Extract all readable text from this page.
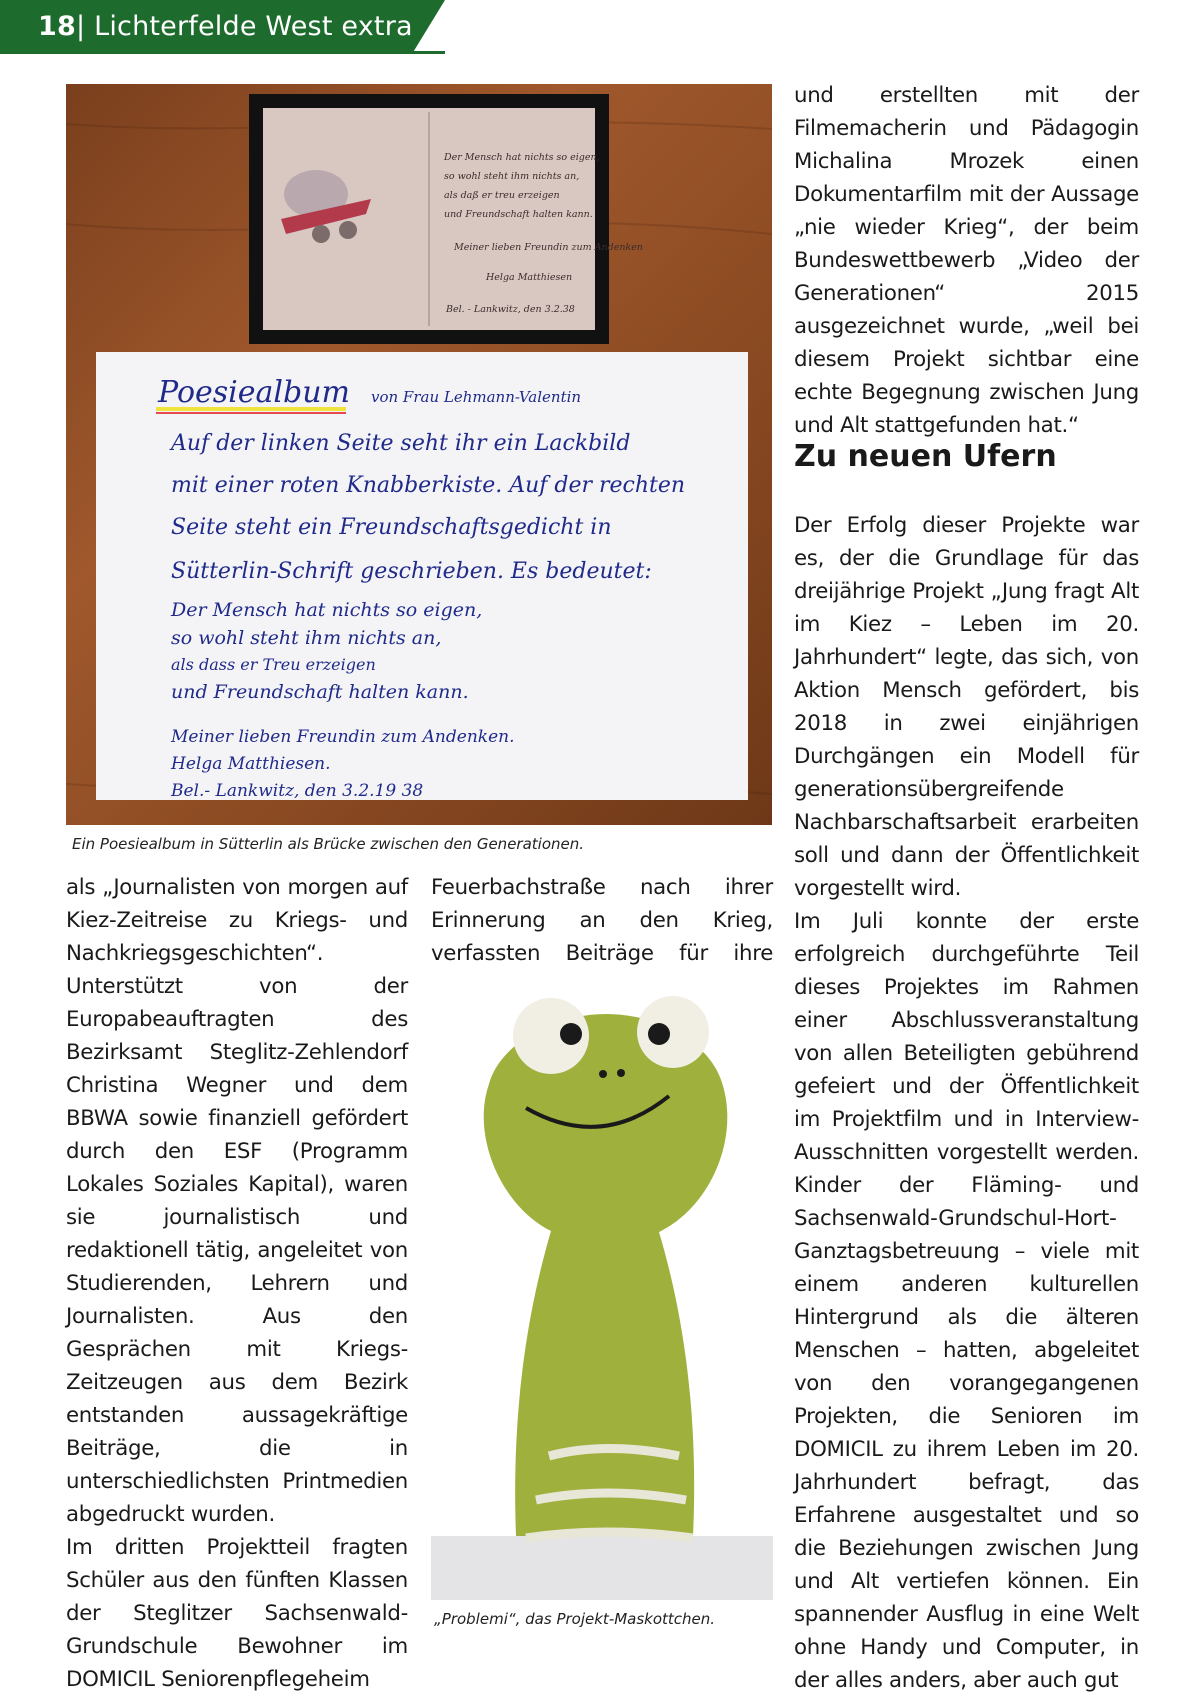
18| Lichterfelde West extra
Der Mensch hat nichts so eigen,
so wohl steht ihm nichts an,
als daß er treu erzeigen
und Freundschaft halten kann.
Meiner lieben Freundin zum Andenken
Helga Matthiesen
Bel. - Lankwitz, den 3.2.38
Poesiealbum von Frau Lehmann-Valentin
Auf der linken Seite seht ihr ein Lackbild
mit einer roten Knabberkiste. Auf der rechten
Seite steht ein Freundschaftsgedicht in
Sütterlin-Schrift geschrieben. Es bedeutet:
Der Mensch hat nichts so eigen,
so wohl steht ihm nichts an,
als dass er Treu erzeigen
und Freundschaft halten kann.
Meiner lieben Freundin zum Andenken.
Helga Matthiesen.
Bel.- Lankwitz, den 3.2.19 38
Ein Poesiealbum in Sütterlin als Brücke zwischen den Generationen.

und erstellten mit der Filmemacherin und Pädagogin Michalina Mrozek einen Dokumentarfilm mit der Aussage „nie wieder Krieg“, der beim Bundeswettbewerb „Video der Generationen“ 2015 ausgezeichnet wurde, „weil bei diesem Projekt sichtbar eine echte Begegnung zwischen Jung und Alt stattgefunden hat.“

Zu neuen Ufern

Der Erfolg dieser Projekte war es, der die Grundlage für das dreijährige Projekt „Jung fragt Alt im Kiez – Leben im 20. Jahrhundert“ legte, das sich, von Aktion Mensch gefördert, bis 2018 in zwei einjährigen Durchgängen ein Modell für generationsübergreifende Nachbarschaftsarbeit erarbeiten soll und dann der Öffentlichkeit vorgestellt wird.

Im Juli konnte der erste erfolgreich durchgeführte Teil dieses Projektes im Rahmen einer Abschlussveranstaltung von allen Beteiligten gebührend gefeiert und der Öffentlichkeit im Projektfilm und in Interview-Ausschnitten vorgestellt werden. Kinder der Fläming- und Sachsenwald-Grundschul-Hort-Ganztagsbetreuung – viele mit einem anderen kulturellen Hintergrund als die älteren Menschen – hatten, abgeleitet von den vorangegangenen Projekten, die Senioren im DOMICIL zu ihrem Leben im 20. Jahrhundert befragt, das Erfahrene ausgestaltet und so die Beziehungen zwischen Jung und Alt vertiefen können. Ein spannender Ausflug in eine Welt ohne Handy und Computer, in der alles anders, aber auch gut

als „Journalisten von morgen auf Kiez-Zeitreise zu Kriegs- und Nachkriegsgeschichten“.

Unterstützt von der Europabeauftragten des Bezirksamt Steglitz-Zehlendorf Christina Wegner und dem BBWA sowie finanziell gefördert durch den ESF (Programm Lokales Soziales Kapital), waren sie journalistisch und redaktionell tätig, angeleitet von Studierenden, Lehrern und Journalisten. Aus den Gesprächen mit Kriegs-Zeitzeugen aus dem Bezirk entstanden aussagekräftige Beiträge, die in unterschiedlichsten Printmedien abgedruckt wurden.

Im dritten Projektteil fragten Schüler aus den fünften Klassen der Steglitzer Sachsenwald-Grundschule Bewohner im DOMICIL Seniorenpflegeheim

Feuerbachstraße nach ihrer Erinnerung an den Krieg, verfassten Beiträge für ihre

„Problemi“, das Projekt-Maskottchen.
